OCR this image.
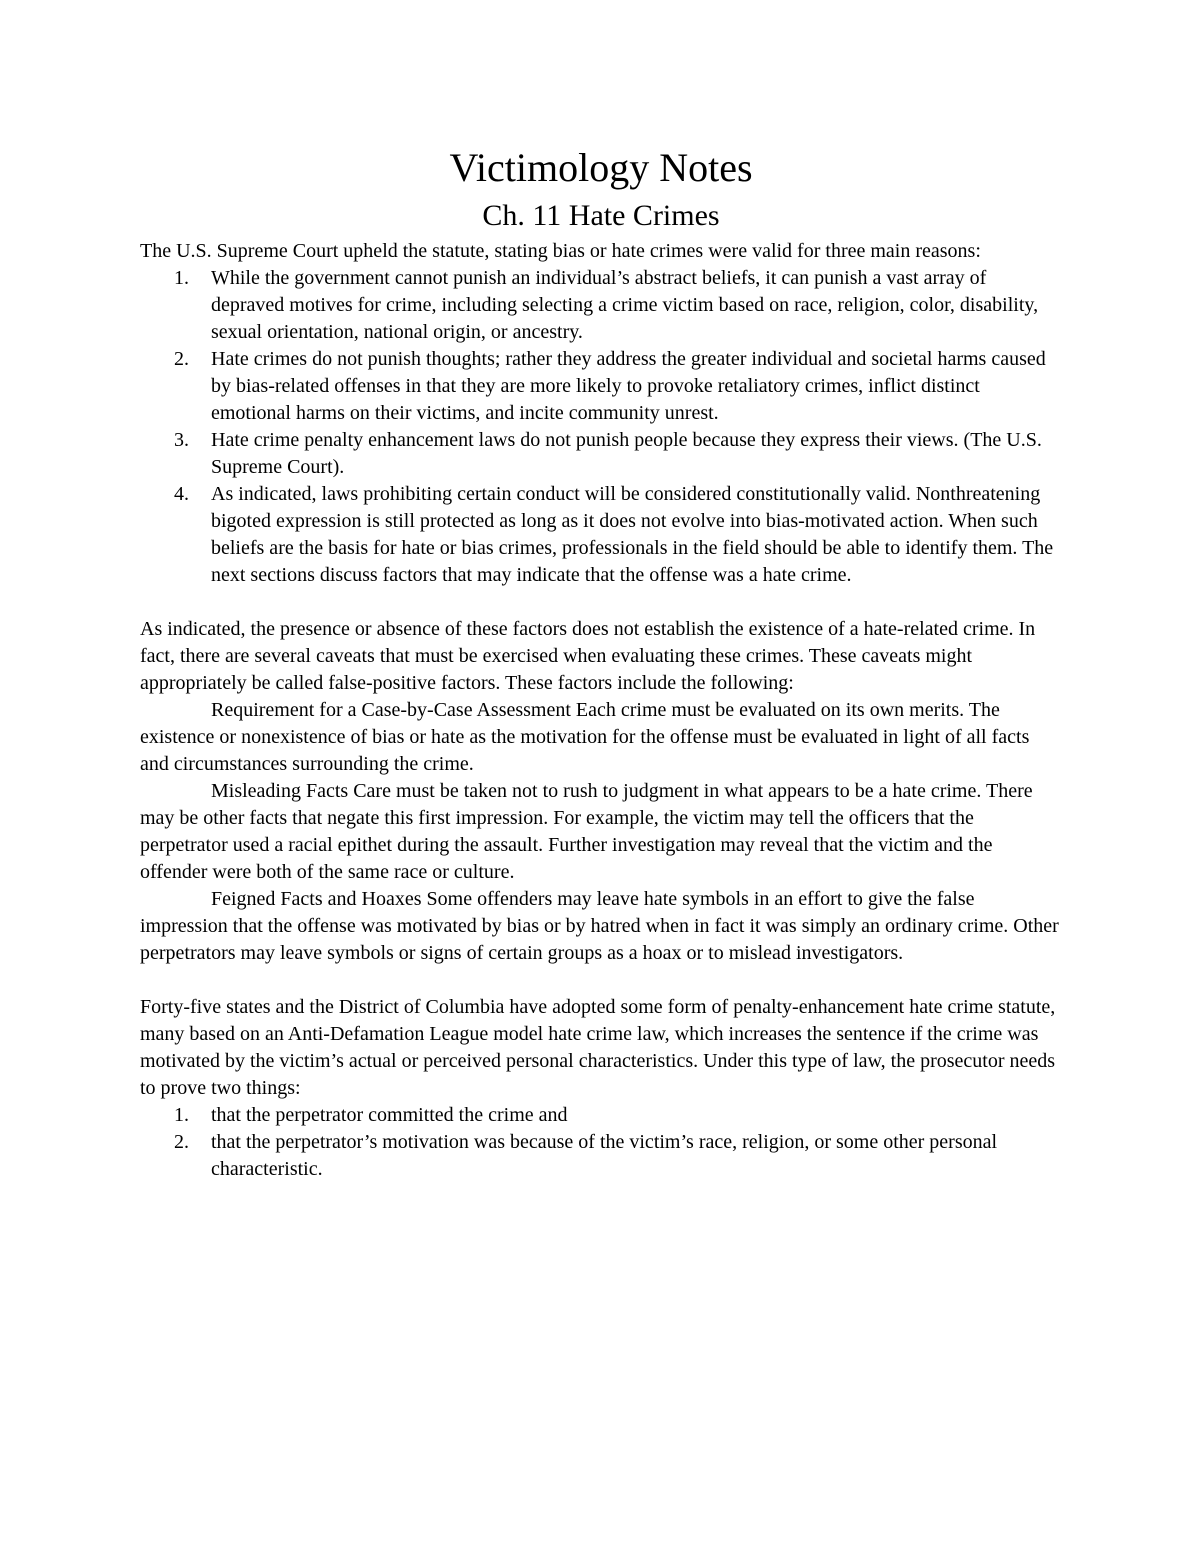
Victimology Notes
Ch. 11 Hate Crimes

The U.S. Supreme Court upheld the statute, stating bias or hate crimes were valid for three main reasons:

1. While the government cannot punish an individual’s abstract beliefs, it can punish a vast array of depraved motives for crime, including selecting a crime victim based on race, religion, color, disability, sexual orientation, national origin, or ancestry.
2. Hate crimes do not punish thoughts; rather they address the greater individual and societal harms caused by bias-related offenses in that they are more likely to provoke retaliatory crimes, inflict distinct emotional harms on their victims, and incite community unrest.
3. Hate crime penalty enhancement laws do not punish people because they express their views. (The U.S. Supreme Court).
4. As indicated, laws prohibiting certain conduct will be considered constitutionally valid. Nonthreatening bigoted expression is still protected as long as it does not evolve into bias-motivated action. When such beliefs are the basis for hate or bias crimes, professionals in the field should be able to identify them. The next sections discuss factors that may indicate that the offense was a hate crime.

As indicated, the presence or absence of these factors does not establish the existence of a hate-related crime. In fact, there are several caveats that must be exercised when evaluating these crimes. These caveats might appropriately be called false-positive factors. These factors include the following:

Requirement for a Case-by-Case Assessment Each crime must be evaluated on its own merits. The existence or nonexistence of bias or hate as the motivation for the offense must be evaluated in light of all facts and circumstances surrounding the crime.

Misleading Facts Care must be taken not to rush to judgment in what appears to be a hate crime. There may be other facts that negate this first impression. For example, the victim may tell the officers that the perpetrator used a racial epithet during the assault. Further investigation may reveal that the victim and the offender were both of the same race or culture.

Feigned Facts and Hoaxes Some offenders may leave hate symbols in an effort to give the false impression that the offense was motivated by bias or by hatred when in fact it was simply an ordinary crime. Other perpetrators may leave symbols or signs of certain groups as a hoax or to mislead investigators.

Forty-five states and the District of Columbia have adopted some form of penalty-enhancement hate crime statute, many based on an Anti-Defamation League model hate crime law, which increases the sentence if the crime was motivated by the victim’s actual or perceived personal characteristics. Under this type of law, the prosecutor needs to prove two things:

1. that the perpetrator committed the crime and
2. that the perpetrator’s motivation was because of the victim’s race, religion, or some other personal characteristic.
